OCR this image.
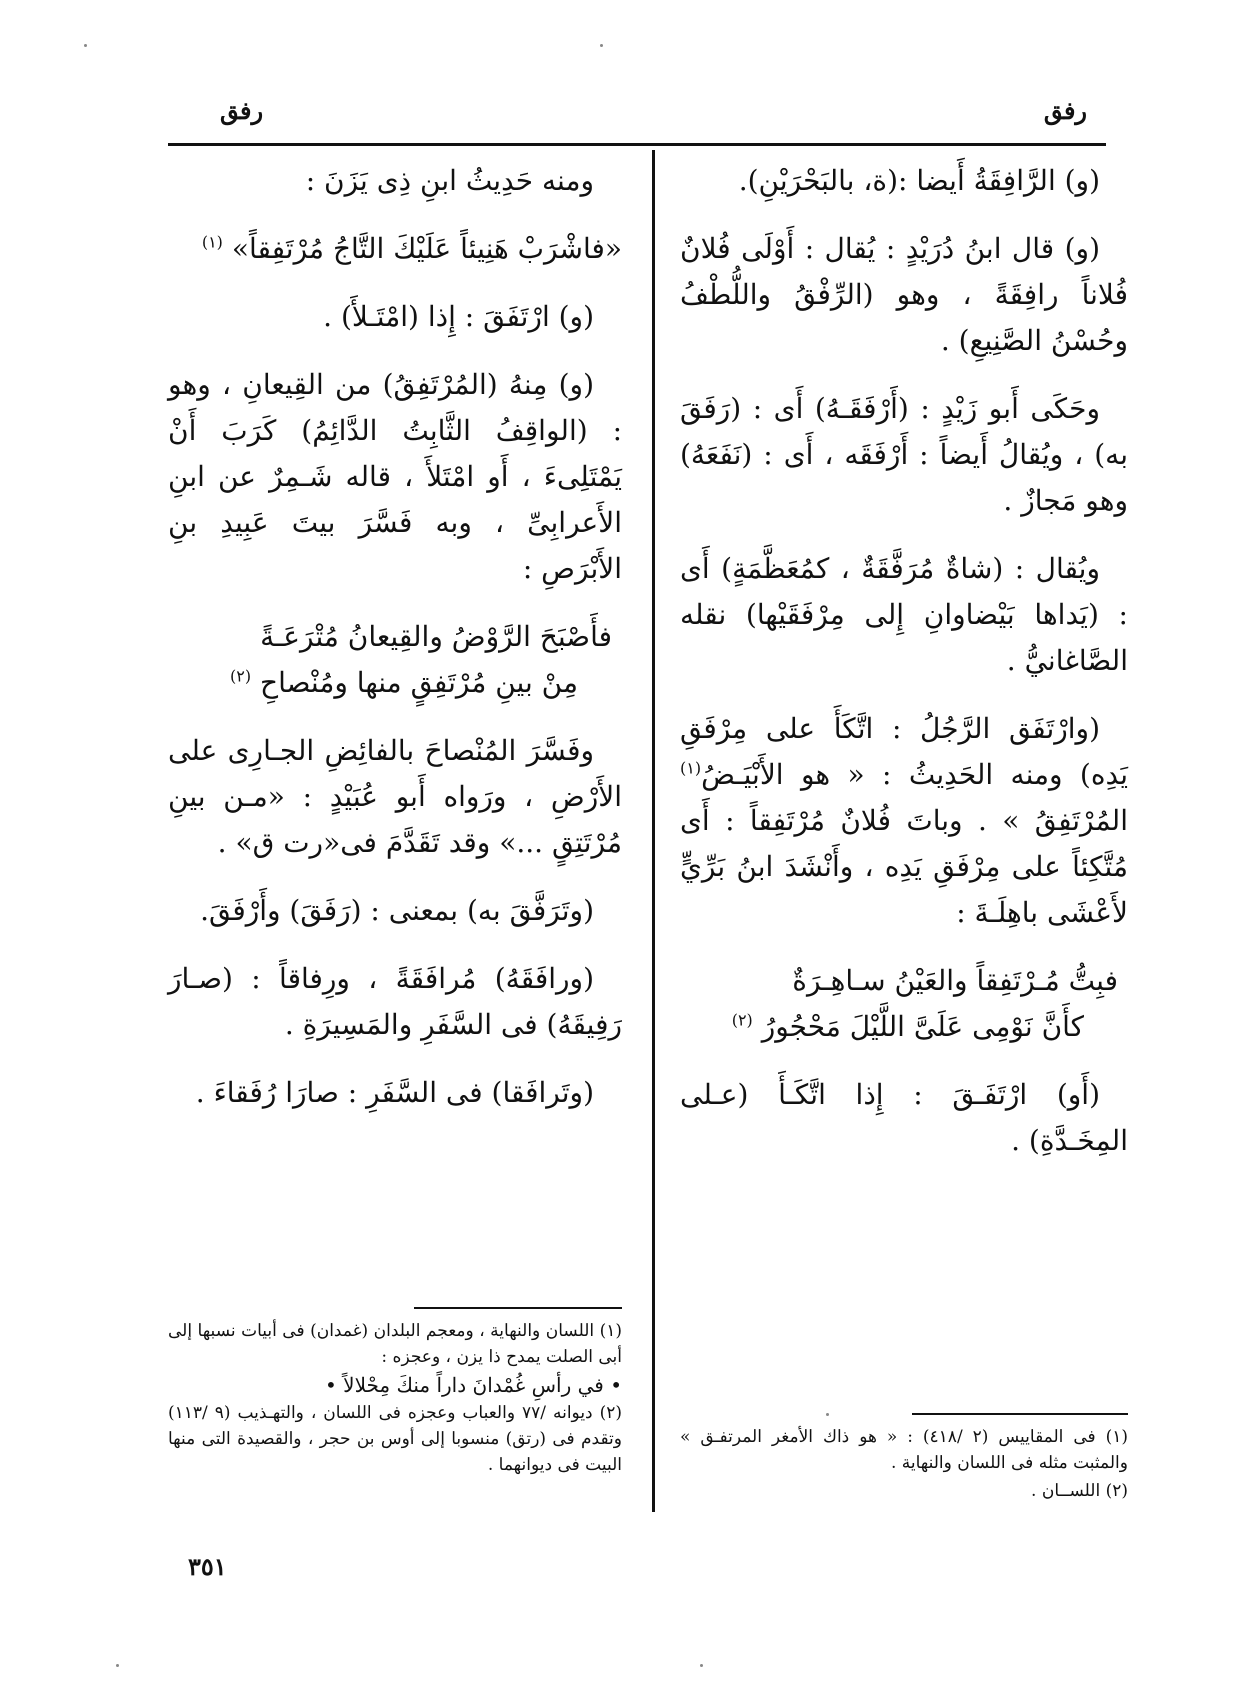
رفق
رفق

(و) الرَّافِقَةُ أَيضا :(ة، بالبَحْرَيْنِ).

(و) قال ابنُ دُرَيْدٍ : يُقال : أَوْلَى فُلانٌ فُلاناً رافِقَةً ، وهو (الرِّفْقُ واللُّطْفُ وحُسْنُ الصَّنِيعِ) .

وحَكَى أَبو زَيْدٍ : (أَرْفَقَـهُ) أَى : (رَفَقَ به) ، ويُقالُ أَيضاً : أَرْفَقَه ، أَى : (نَفَعَهُ) وهو مَجازٌ .

ويُقال : (شاةٌ مُرَفَّقَةٌ ، كمُعَظَّمَةٍ) أَى : (يَداها بَيْضاوانِ إِلى مِرْفَقَيْها) نقله الصَّاغانيُّ .

(وارْتَفَق الرَّجُلُ : اتَّكَأَ على مِرْفَقِ يَدِه) ومنه الحَدِيثُ : « هو الأَبْيَـضُ$^{(١)}$ المُرْتَفِقُ » . وباتَ فُلانٌ مُرْتَفِقاً : أَى مُتَّكِئاً على مِرْفَقِ يَدِه ، وأَنْشَدَ ابنُ بَرِّيٍّ لأَعْشَى باهِلَـةَ :

فبِتُّ مُـرْتَفِقاً والعَيْنُ سـاهِـرَةٌ
كأَنَّ نَوْمِى عَلَىَّ اللَّيْلَ مَحْجُورُ $^{(٢)}$

(أَو) ارْتَفَـقَ : إِذا اتَّكَـأَ (عـلى المِخَـدَّةِ) .

(١) فى المقاييس (٢ /٤١٨) : « هو ذاك الأمغر المرتفـق » والمثبت مثله فى اللسان والنهاية .

(٢) اللســان .

ومنه حَدِيثُ ابنِ ذِى يَزَنَ :

«فاشْرَبْ هَنِيئاً عَلَيْكَ التَّاجُ مُرْتَفِقاً» $^{(١)}$

(و) ارْتَفَقَ : إِذا (امْتَـلأَ) .

(و) مِنهُ (المُرْتَفِقُ) من القِيعانِ ، وهو : (الواقِفُ الثَّابِتُ الدَّائِمُ) كَرَبَ أَنْ يَمْتَلِىءَ ، أَو امْتَلأَ ، قاله شَـمِرٌ عن ابنِ الأَعرابِىِّ ، وبه فَسَّرَ بيتَ عَبِيدِ بنِ الأَبْرَصِ :

فأَصْبَحَ الرَّوْضُ والقِيعانُ مُتْرَعَـةً
مِنْ بينِ مُرْتَفِقٍ منها ومُنْصاحِ $^{(٢)}$

وفَسَّرَ المُنْصاحَ بالفائِضِ الجـارِى على الأَرْضِ ، ورَواه أَبو عُبَيْدٍ : «مـن بينِ مُرْتَتِقٍ ...» وقد تَقَدَّمَ فى«رت ق» .

(وتَرَفَّقَ به) بمعنى : (رَفَقَ) وأَرْفَقَ.

(ورافَقَهُ) مُرافَقَةً ، ورِفاقاً : (صـارَ رَفِيقَهُ) فى السَّفَرِ والمَسِيرَةِ .

(وتَرافَقا) فى السَّفَرِ : صارَا رُفَقاءَ .

(١) اللسان والنهاية ، ومعجم البلدان (غمدان) فى أبيات نسبها إلى أبى الصلت يمدح ذا يزن ، وعجزه :

• في رأسِ غُمْدانَ داراً منكَ مِحْلالاً •

(٢) ديوانه /٧٧ والعباب وعجزه فى اللسان ، والتهـذيب (٩ /١١٣) وتقدم فى (رتق) منسوبا إلى أوس بن حجر ، والقصيدة التى منها البيت فى ديوانهما .

٣٥١
